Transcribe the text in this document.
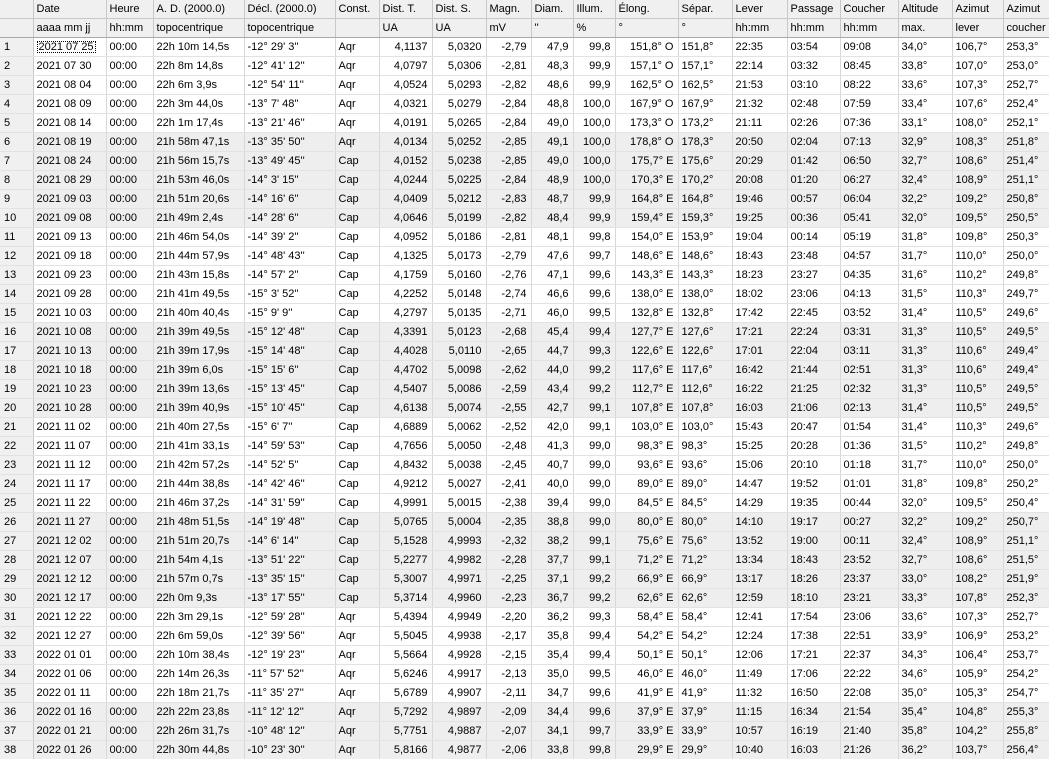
	Date	Heure	A. D. (2000.0)	Décl. (2000.0)	Const.	Dist. T.	Dist. S.	Magn.	Diam.	Illum.	Élong.	Sépar.	Lever	Passage	Coucher	Altitude	Azimut	Azimut
	aaaa mm jj	hh:mm	topocentrique	topocentrique		UA	UA	mV	''	%	°	°	hh:mm	hh:mm	hh:mm	max.	lever	coucher
1	2021 07 25	00:00	22h 10m 14,5s	-12° 29' 3''	Aqr	4,1137	5,0320	-2,79	47,9	99,8	151,8° O	151,8°	22:35	03:54	09:08	34,0°	106,7°	253,3°
2	2021 07 30	00:00	22h 8m 14,8s	-12° 41' 12''	Aqr	4,0797	5,0306	-2,81	48,3	99,9	157,1° O	157,1°	22:14	03:32	08:45	33,8°	107,0°	253,0°
3	2021 08 04	00:00	22h 6m 3,9s	-12° 54' 11''	Aqr	4,0524	5,0293	-2,82	48,6	99,9	162,5° O	162,5°	21:53	03:10	08:22	33,6°	107,3°	252,7°
4	2021 08 09	00:00	22h 3m 44,0s	-13° 7' 48''	Aqr	4,0321	5,0279	-2,84	48,8	100,0	167,9° O	167,9°	21:32	02:48	07:59	33,4°	107,6°	252,4°
5	2021 08 14	00:00	22h 1m 17,4s	-13° 21' 46''	Aqr	4,0191	5,0265	-2,84	49,0	100,0	173,3° O	173,2°	21:11	02:26	07:36	33,1°	108,0°	252,1°
6	2021 08 19	00:00	21h 58m 47,1s	-13° 35' 50''	Aqr	4,0134	5,0252	-2,85	49,1	100,0	178,8° O	178,3°	20:50	02:04	07:13	32,9°	108,3°	251,8°
7	2021 08 24	00:00	21h 56m 15,7s	-13° 49' 45''	Cap	4,0152	5,0238	-2,85	49,0	100,0	175,7° E	175,6°	20:29	01:42	06:50	32,7°	108,6°	251,4°
8	2021 08 29	00:00	21h 53m 46,0s	-14° 3' 15''	Cap	4,0244	5,0225	-2,84	48,9	100,0	170,3° E	170,2°	20:08	01:20	06:27	32,4°	108,9°	251,1°
9	2021 09 03	00:00	21h 51m 20,6s	-14° 16' 6''	Cap	4,0409	5,0212	-2,83	48,7	99,9	164,8° E	164,8°	19:46	00:57	06:04	32,2°	109,2°	250,8°
10	2021 09 08	00:00	21h 49m 2,4s	-14° 28' 6''	Cap	4,0646	5,0199	-2,82	48,4	99,9	159,4° E	159,3°	19:25	00:36	05:41	32,0°	109,5°	250,5°
11	2021 09 13	00:00	21h 46m 54,0s	-14° 39' 2''	Cap	4,0952	5,0186	-2,81	48,1	99,8	154,0° E	153,9°	19:04	00:14	05:19	31,8°	109,8°	250,3°
12	2021 09 18	00:00	21h 44m 57,9s	-14° 48' 43''	Cap	4,1325	5,0173	-2,79	47,6	99,7	148,6° E	148,6°	18:43	23:48	04:57	31,7°	110,0°	250,0°
13	2021 09 23	00:00	21h 43m 15,8s	-14° 57' 2''	Cap	4,1759	5,0160	-2,76	47,1	99,6	143,3° E	143,3°	18:23	23:27	04:35	31,6°	110,2°	249,8°
14	2021 09 28	00:00	21h 41m 49,5s	-15° 3' 52''	Cap	4,2252	5,0148	-2,74	46,6	99,6	138,0° E	138,0°	18:02	23:06	04:13	31,5°	110,3°	249,7°
15	2021 10 03	00:00	21h 40m 40,4s	-15° 9' 9''	Cap	4,2797	5,0135	-2,71	46,0	99,5	132,8° E	132,8°	17:42	22:45	03:52	31,4°	110,5°	249,6°
16	2021 10 08	00:00	21h 39m 49,5s	-15° 12' 48''	Cap	4,3391	5,0123	-2,68	45,4	99,4	127,7° E	127,6°	17:21	22:24	03:31	31,3°	110,5°	249,5°
17	2021 10 13	00:00	21h 39m 17,9s	-15° 14' 48''	Cap	4,4028	5,0110	-2,65	44,7	99,3	122,6° E	122,6°	17:01	22:04	03:11	31,3°	110,6°	249,4°
18	2021 10 18	00:00	21h 39m 6,0s	-15° 15' 6''	Cap	4,4702	5,0098	-2,62	44,0	99,2	117,6° E	117,6°	16:42	21:44	02:51	31,3°	110,6°	249,4°
19	2021 10 23	00:00	21h 39m 13,6s	-15° 13' 45''	Cap	4,5407	5,0086	-2,59	43,4	99,2	112,7° E	112,6°	16:22	21:25	02:32	31,3°	110,5°	249,5°
20	2021 10 28	00:00	21h 39m 40,9s	-15° 10' 45''	Cap	4,6138	5,0074	-2,55	42,7	99,1	107,8° E	107,8°	16:03	21:06	02:13	31,4°	110,5°	249,5°
21	2021 11 02	00:00	21h 40m 27,5s	-15° 6' 7''	Cap	4,6889	5,0062	-2,52	42,0	99,1	103,0° E	103,0°	15:43	20:47	01:54	31,4°	110,3°	249,6°
22	2021 11 07	00:00	21h 41m 33,1s	-14° 59' 53''	Cap	4,7656	5,0050	-2,48	41,3	99,0	98,3° E	98,3°	15:25	20:28	01:36	31,5°	110,2°	249,8°
23	2021 11 12	00:00	21h 42m 57,2s	-14° 52' 5''	Cap	4,8432	5,0038	-2,45	40,7	99,0	93,6° E	93,6°	15:06	20:10	01:18	31,7°	110,0°	250,0°
24	2021 11 17	00:00	21h 44m 38,8s	-14° 42' 46''	Cap	4,9212	5,0027	-2,41	40,0	99,0	89,0° E	89,0°	14:47	19:52	01:01	31,8°	109,8°	250,2°
25	2021 11 22	00:00	21h 46m 37,2s	-14° 31' 59''	Cap	4,9991	5,0015	-2,38	39,4	99,0	84,5° E	84,5°	14:29	19:35	00:44	32,0°	109,5°	250,4°
26	2021 11 27	00:00	21h 48m 51,5s	-14° 19' 48''	Cap	5,0765	5,0004	-2,35	38,8	99,0	80,0° E	80,0°	14:10	19:17	00:27	32,2°	109,2°	250,7°
27	2021 12 02	00:00	21h 51m 20,7s	-14° 6' 14''	Cap	5,1528	4,9993	-2,32	38,2	99,1	75,6° E	75,6°	13:52	19:00	00:11	32,4°	108,9°	251,1°
28	2021 12 07	00:00	21h 54m 4,1s	-13° 51' 22''	Cap	5,2277	4,9982	-2,28	37,7	99,1	71,2° E	71,2°	13:34	18:43	23:52	32,7°	108,6°	251,5°
29	2021 12 12	00:00	21h 57m 0,7s	-13° 35' 15''	Cap	5,3007	4,9971	-2,25	37,1	99,2	66,9° E	66,9°	13:17	18:26	23:37	33,0°	108,2°	251,9°
30	2021 12 17	00:00	22h 0m 9,3s	-13° 17' 55''	Cap	5,3714	4,9960	-2,23	36,7	99,2	62,6° E	62,6°	12:59	18:10	23:21	33,3°	107,8°	252,3°
31	2021 12 22	00:00	22h 3m 29,1s	-12° 59' 28''	Aqr	5,4394	4,9949	-2,20	36,2	99,3	58,4° E	58,4°	12:41	17:54	23:06	33,6°	107,3°	252,7°
32	2021 12 27	00:00	22h 6m 59,0s	-12° 39' 56''	Aqr	5,5045	4,9938	-2,17	35,8	99,4	54,2° E	54,2°	12:24	17:38	22:51	33,9°	106,9°	253,2°
33	2022 01 01	00:00	22h 10m 38,4s	-12° 19' 23''	Aqr	5,5664	4,9928	-2,15	35,4	99,4	50,1° E	50,1°	12:06	17:21	22:37	34,3°	106,4°	253,7°
34	2022 01 06	00:00	22h 14m 26,3s	-11° 57' 52''	Aqr	5,6246	4,9917	-2,13	35,0	99,5	46,0° E	46,0°	11:49	17:06	22:22	34,6°	105,9°	254,2°
35	2022 01 11	00:00	22h 18m 21,7s	-11° 35' 27''	Aqr	5,6789	4,9907	-2,11	34,7	99,6	41,9° E	41,9°	11:32	16:50	22:08	35,0°	105,3°	254,7°
36	2022 01 16	00:00	22h 22m 23,8s	-11° 12' 12''	Aqr	5,7292	4,9897	-2,09	34,4	99,6	37,9° E	37,9°	11:15	16:34	21:54	35,4°	104,8°	255,3°
37	2022 01 21	00:00	22h 26m 31,7s	-10° 48' 12''	Aqr	5,7751	4,9887	-2,07	34,1	99,7	33,9° E	33,9°	10:57	16:19	21:40	35,8°	104,2°	255,8°
38	2022 01 26	00:00	22h 30m 44,8s	-10° 23' 30''	Aqr	5,8166	4,9877	-2,06	33,8	99,8	29,9° E	29,9°	10:40	16:03	21:26	36,2°	103,7°	256,4°
